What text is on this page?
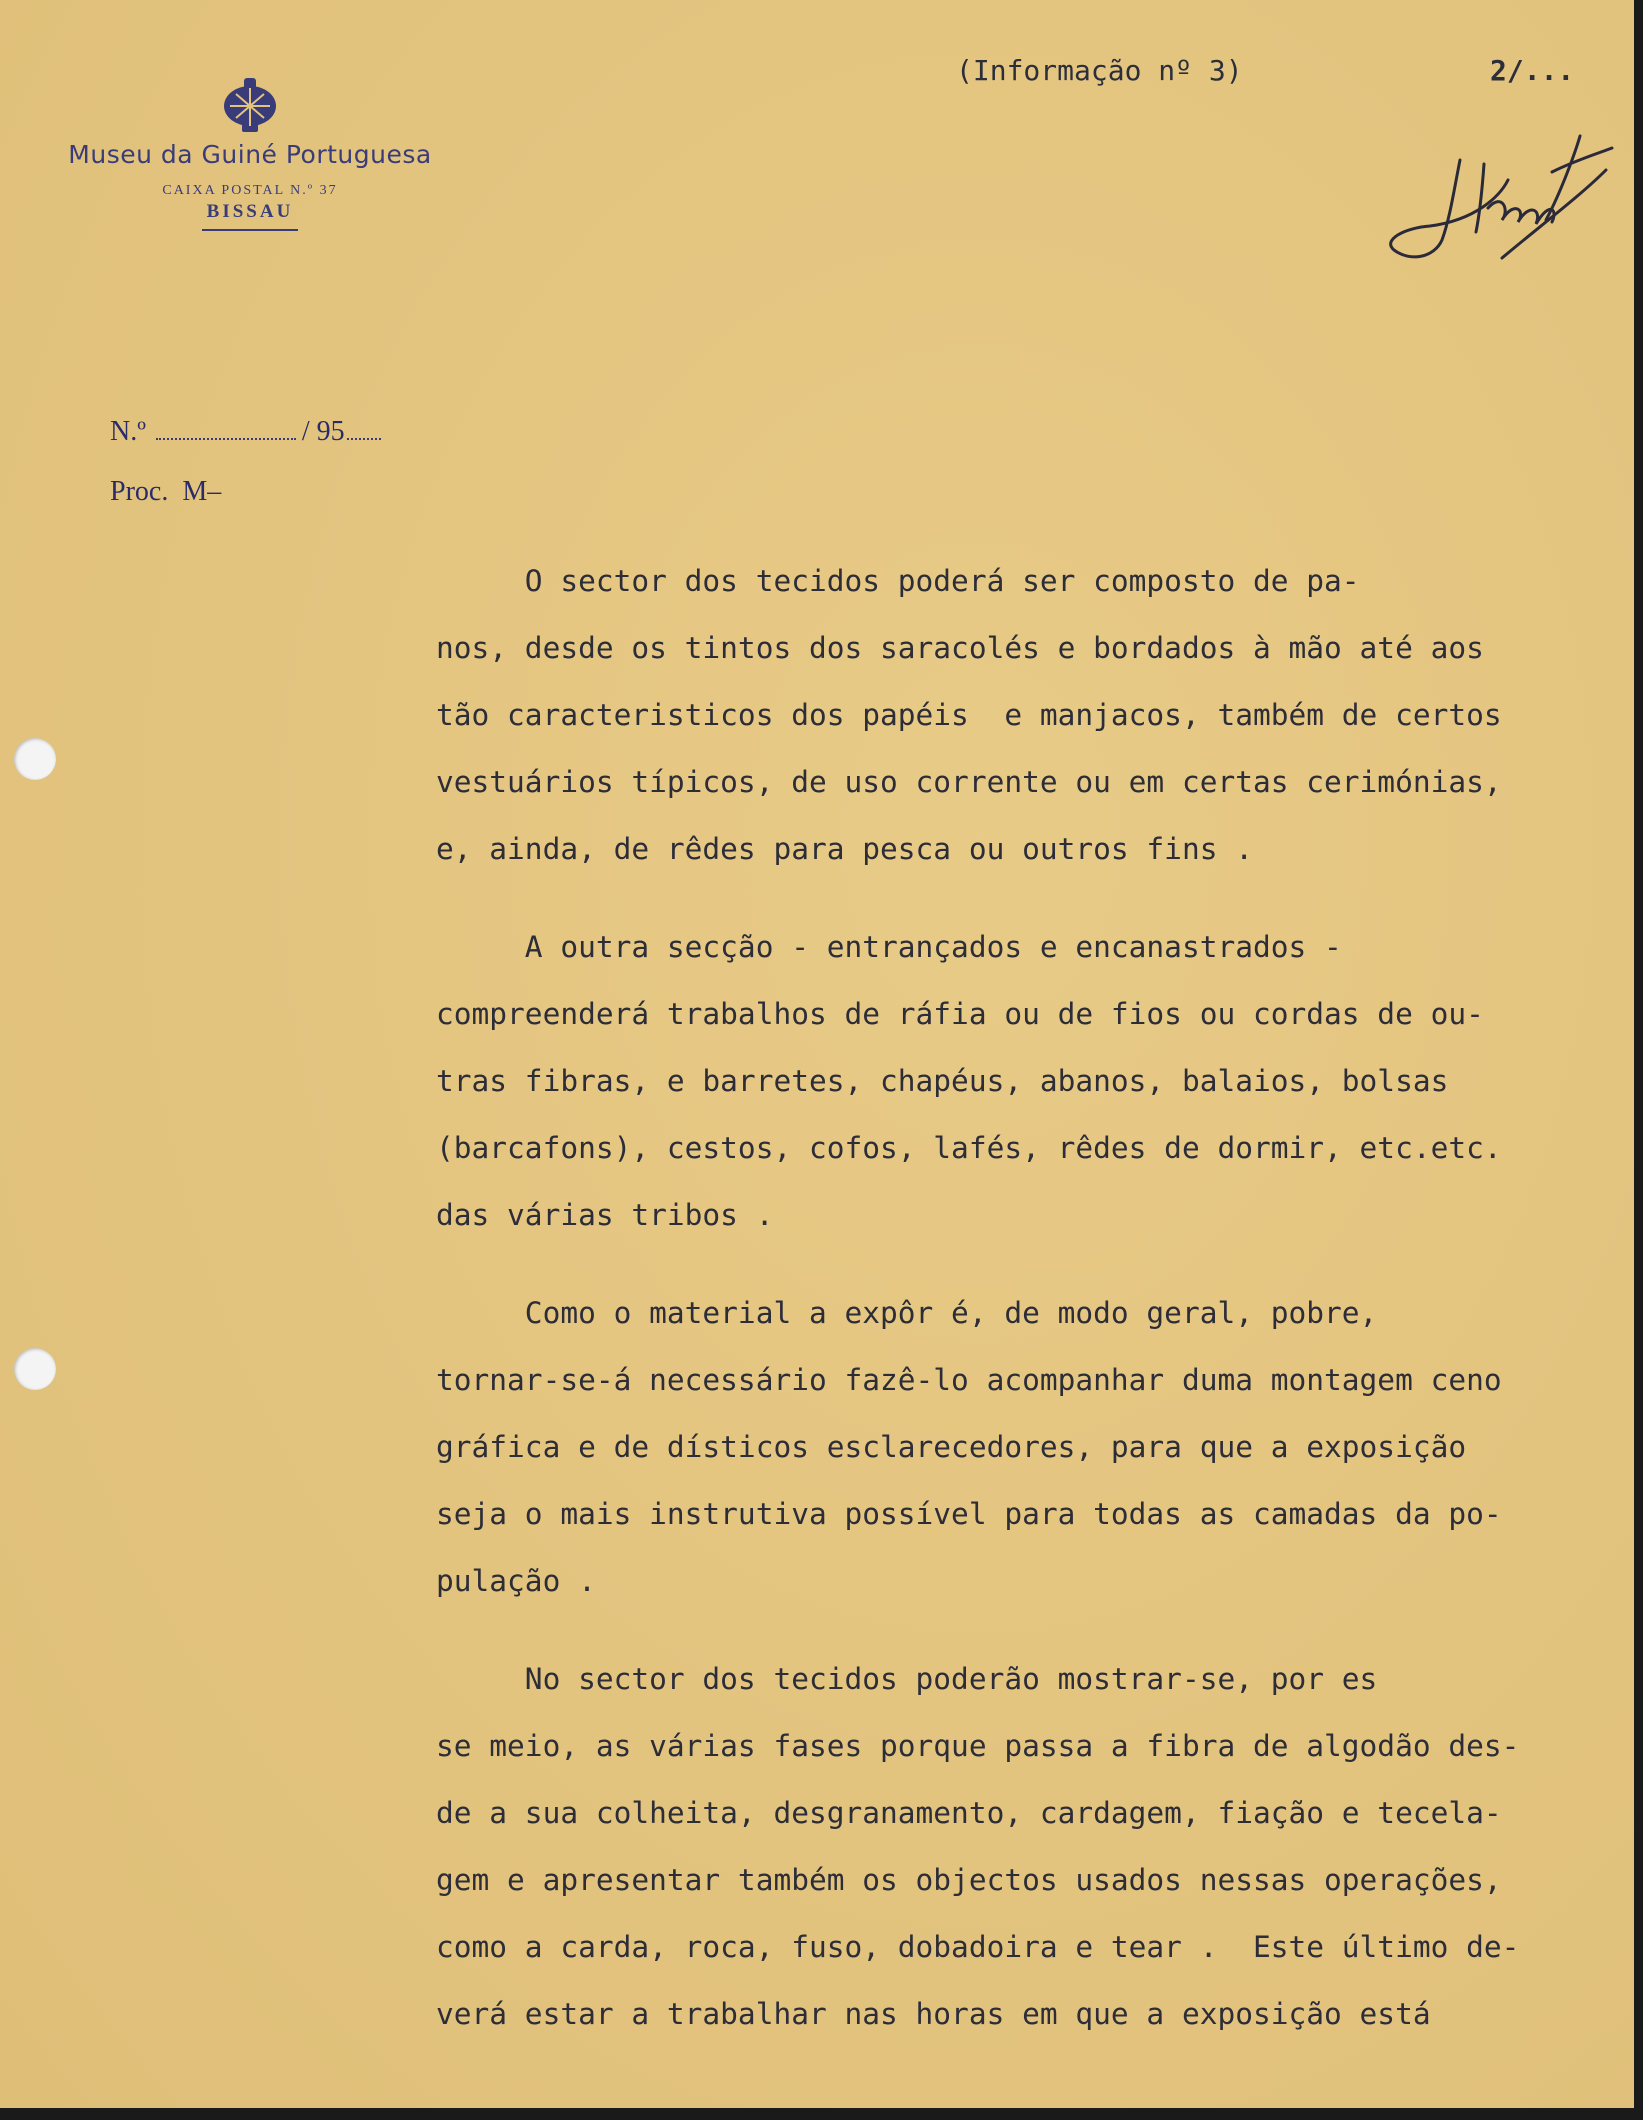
Museu da Guiné Portuguesa
CAIXA POSTAL N.º 37
BISSAU
N.º	/ 95
Proc. M–
(Informação nº 3)	2/...
O sector dos tecidos poderá ser composto de pa-
nos, desde os tintos dos saracolés e bordados à mão até aos
tão caracteristicos dos papéis  e manjacos, também de certos
vestuários típicos, de uso corrente ou em certas cerimónias,
e, ainda, de rêdes para pesca ou outros fins .
A outra secção - entrançados e encanastrados -
compreenderá trabalhos de ráfia ou de fios ou cordas de ou-
tras fibras, e barretes, chapéus, abanos, balaios, bolsas
(barcafons), cestos, cofos, lafés, rêdes de dormir, etc.etc.
das várias tribos .
Como o material a expôr é, de modo geral, pobre,
tornar-se-á necessário fazê-lo acompanhar duma montagem ceno
gráfica e de dísticos esclarecedores, para que a exposição
seja o mais instrutiva possível para todas as camadas da po-
pulação .
No sector dos tecidos poderão mostrar-se, por es
se meio, as várias fases porque passa a fibra de algodão des-
de a sua colheita, desgranamento, cardagem, fiação e tecela-
gem e apresentar também os objectos usados nessas operações,
como a carda, roca, fuso, dobadoira e tear .  Este último de-
verá estar a trabalhar nas horas em que a exposição está
